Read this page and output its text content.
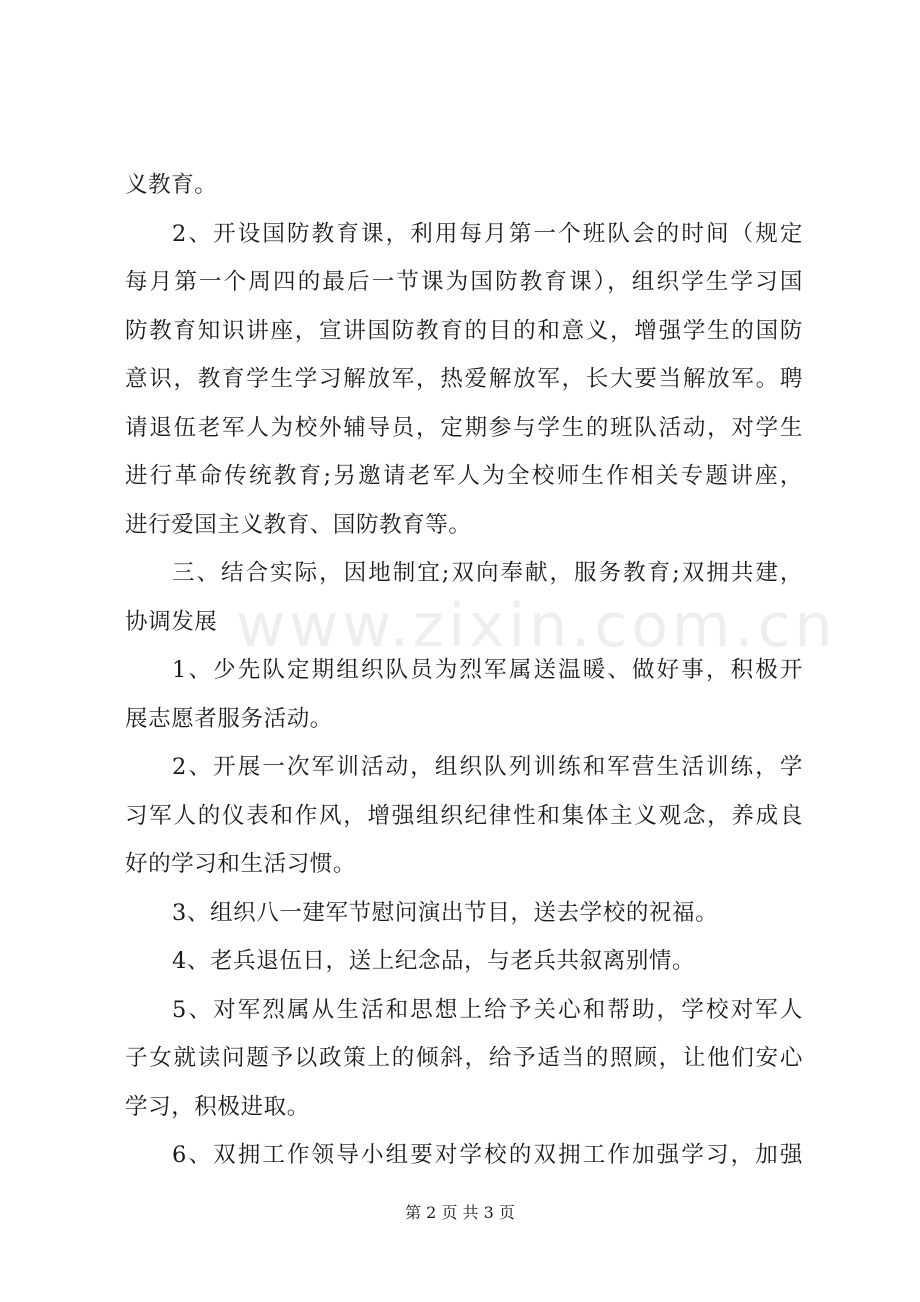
www.zixin.com.cn
义教育。
2、开设国防教育课，利用每月第一个班队会的时间（规定
每月第一个周四的最后一节课为国防教育课），组织学生学习国
防教育知识讲座，宣讲国防教育的目的和意义，增强学生的国防
意识，教育学生学习解放军，热爱解放军，长大要当解放军。聘
请退伍老军人为校外辅导员，定期参与学生的班队活动，对学生
进行革命传统教育;另邀请老军人为全校师生作相关专题讲座，
进行爱国主义教育、国防教育等。
三、结合实际，因地制宜;双向奉献，服务教育;双拥共建，
协调发展
1、少先队定期组织队员为烈军属送温暖、做好事，积极开
展志愿者服务活动。
2、开展一次军训活动，组织队列训练和军营生活训练，学
习军人的仪表和作风，增强组织纪律性和集体主义观念，养成良
好的学习和生活习惯。
3、组织八一建军节慰问演出节目，送去学校的祝福。
4、老兵退伍日，送上纪念品，与老兵共叙离别情。
5、对军烈属从生活和思想上给予关心和帮助，学校对军人
子女就读问题予以政策上的倾斜，给予适当的照顾，让他们安心
学习，积极进取。
6、双拥工作领导小组要对学校的双拥工作加强学习，加强
第 2 页 共 3 页
